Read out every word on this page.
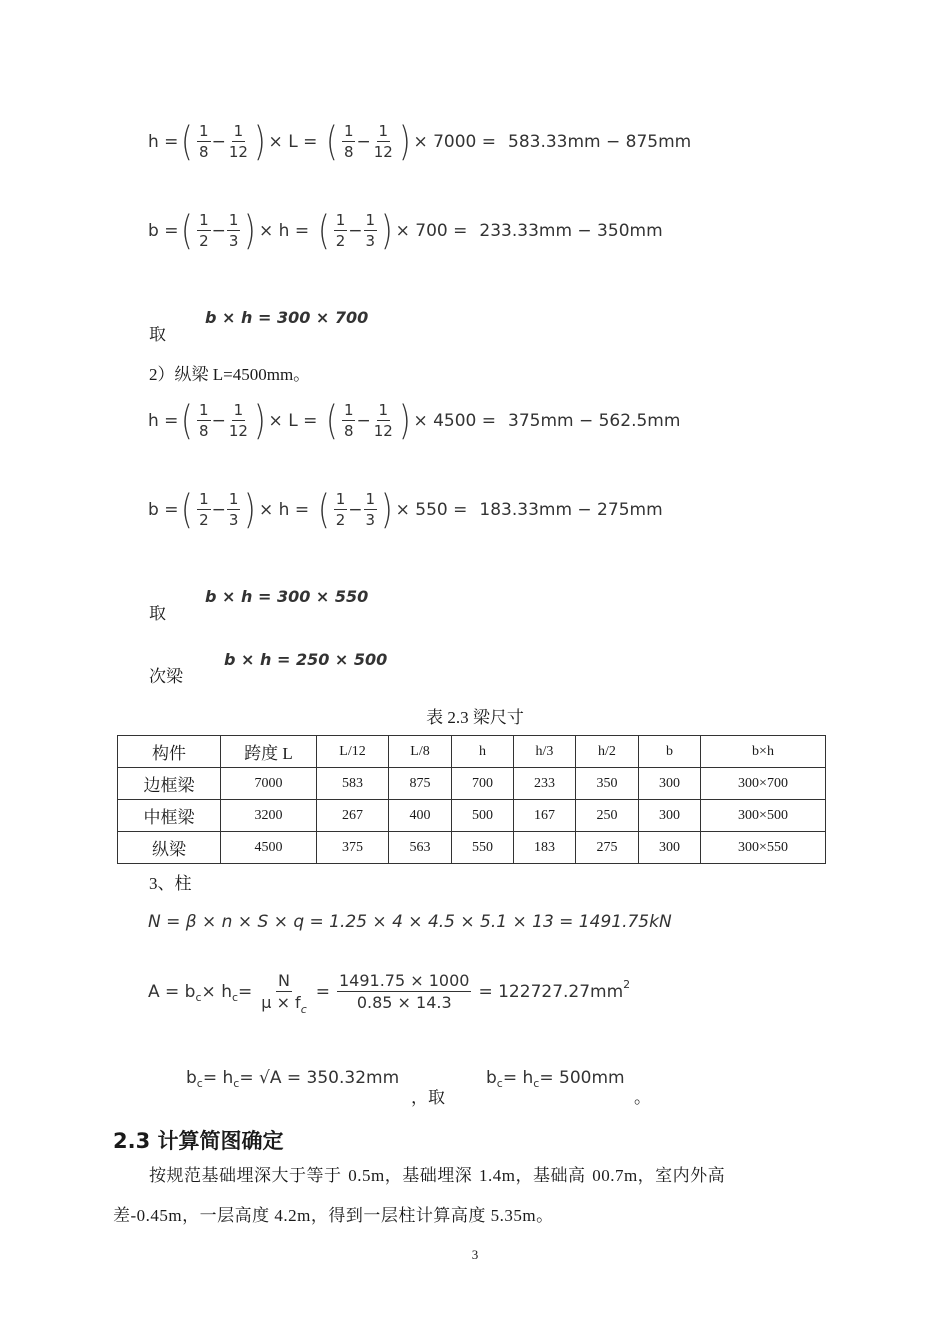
h = ( $\frac{1}{8} - \frac{1}{12}$ ) × L = ( $\frac{1}{8} - \frac{1}{12}$ ) × 7000 = 583.33mm − 875mm
b = ( $\frac{1}{2} - \frac{1}{3}$ ) × h = ( $\frac{1}{2} - \frac{1}{3}$ ) × 700 = 233.33mm − 350mm
取
b × h = 300 × 700
2）纵梁 L=4500mm。
h = ( $\frac{1}{8} - \frac{1}{12}$ ) × L = ( $\frac{1}{8} - \frac{1}{12}$ ) × 4500 = 375mm − 562.5mm
b = ( $\frac{1}{2} - \frac{1}{3}$ ) × h = ( $\frac{1}{2} - \frac{1}{3}$ ) × 550 = 183.33mm − 275mm
取
b × h = 300 × 550
次梁
b × h = 250 × 500
表 2.3 梁尺寸
构件	跨度 L	L/12	L/8	h	h/3	h/2	b	b×h
边框梁	7000	583	875	700	233	350	300	300×700
中框梁	3200	267	400	500	167	250	300	300×500
纵梁	4500	375	563	550	183	275	300	300×550
3、柱
N = β × n × S × q = 1.25 × 4 × 4.5 × 5.1 × 13 = 1491.75kN
A = b c × h $c = \frac{N}{\mu \times f_c} = \frac{1491.75 \times 1000}{0.85 \times 14.3} = 122727.27mm$ 2
b c = h c = √A = 350.32mm
，取
b c = h c = 500mm
。
2.3 计算简图确定
按规范基础埋深大于等于 0.5m，基础埋深 1.4m，基础高 00.7m，室内外高
差-0.45m，一层高度 4.2m，得到一层柱计算高度 5.35m。
3
